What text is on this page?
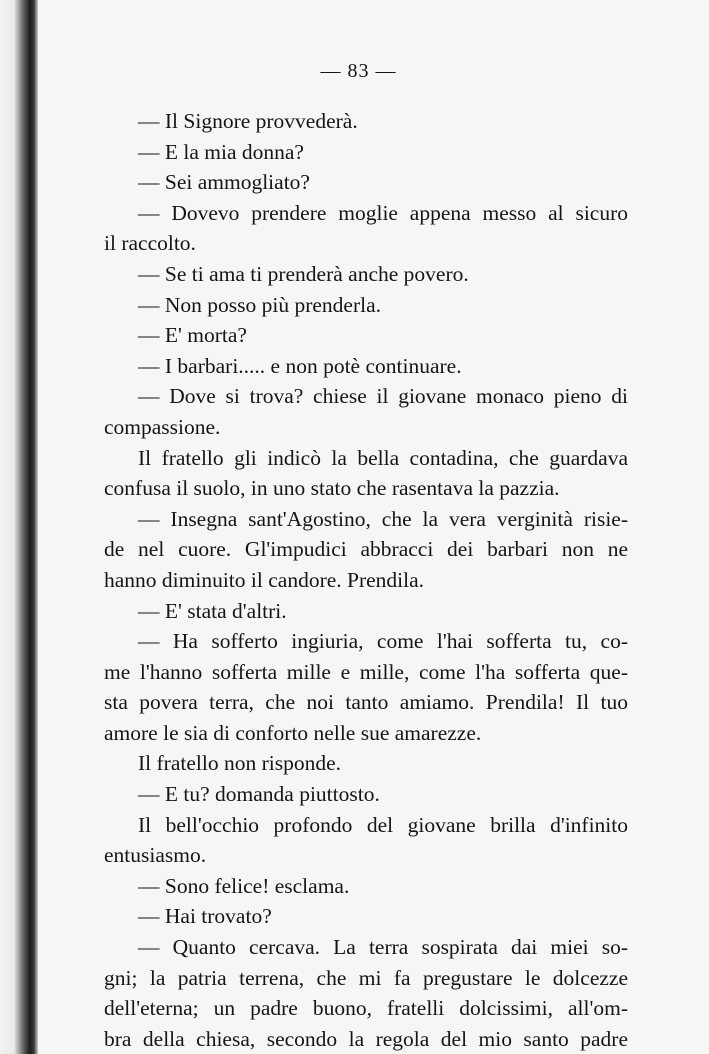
— 83 —
— Il Signore provvederà.
— E la mia donna?
— Sei ammogliato?
— Dovevo prendere moglie appena messo al sicuro
il raccolto.
— Se ti ama ti prenderà anche povero.
— Non posso più prenderla.
— E' morta?
— I barbari..... e non potè continuare.
— Dove si trova? chiese il giovane monaco pieno di
compassione.
Il fratello gli indicò la bella contadina, che guardava
confusa il suolo, in uno stato che rasentava la pazzia.
— Insegna sant'Agostino, che la vera verginità risie-
de nel cuore. Gl'impudici abbracci dei barbari non ne
hanno diminuito il candore. Prendila.
— E' stata d'altri.
— Ha sofferto ingiuria, come l'hai sofferta tu, co-
me l'hanno sofferta mille e mille, come l'ha sofferta que-
sta povera terra, che noi tanto amiamo. Prendila! Il tuo
amore le sia di conforto nelle sue amarezze.
Il fratello non rispondе.
— E tu? domanda piuttosto.
Il bell'occhio profondo del giovane brilla d'infinito
entusiasmo.
— Sono felice! esclama.
— Hai trovato?
— Quanto cercava. La terra sospirata dai miei so-
gni; la patria terrena, che mi fa pregustare le dolcezze
dell'eterna; un padre buono, fratelli dolcissimi, all'om-
bra della chiesa, secondo la regola del mio santo padre
